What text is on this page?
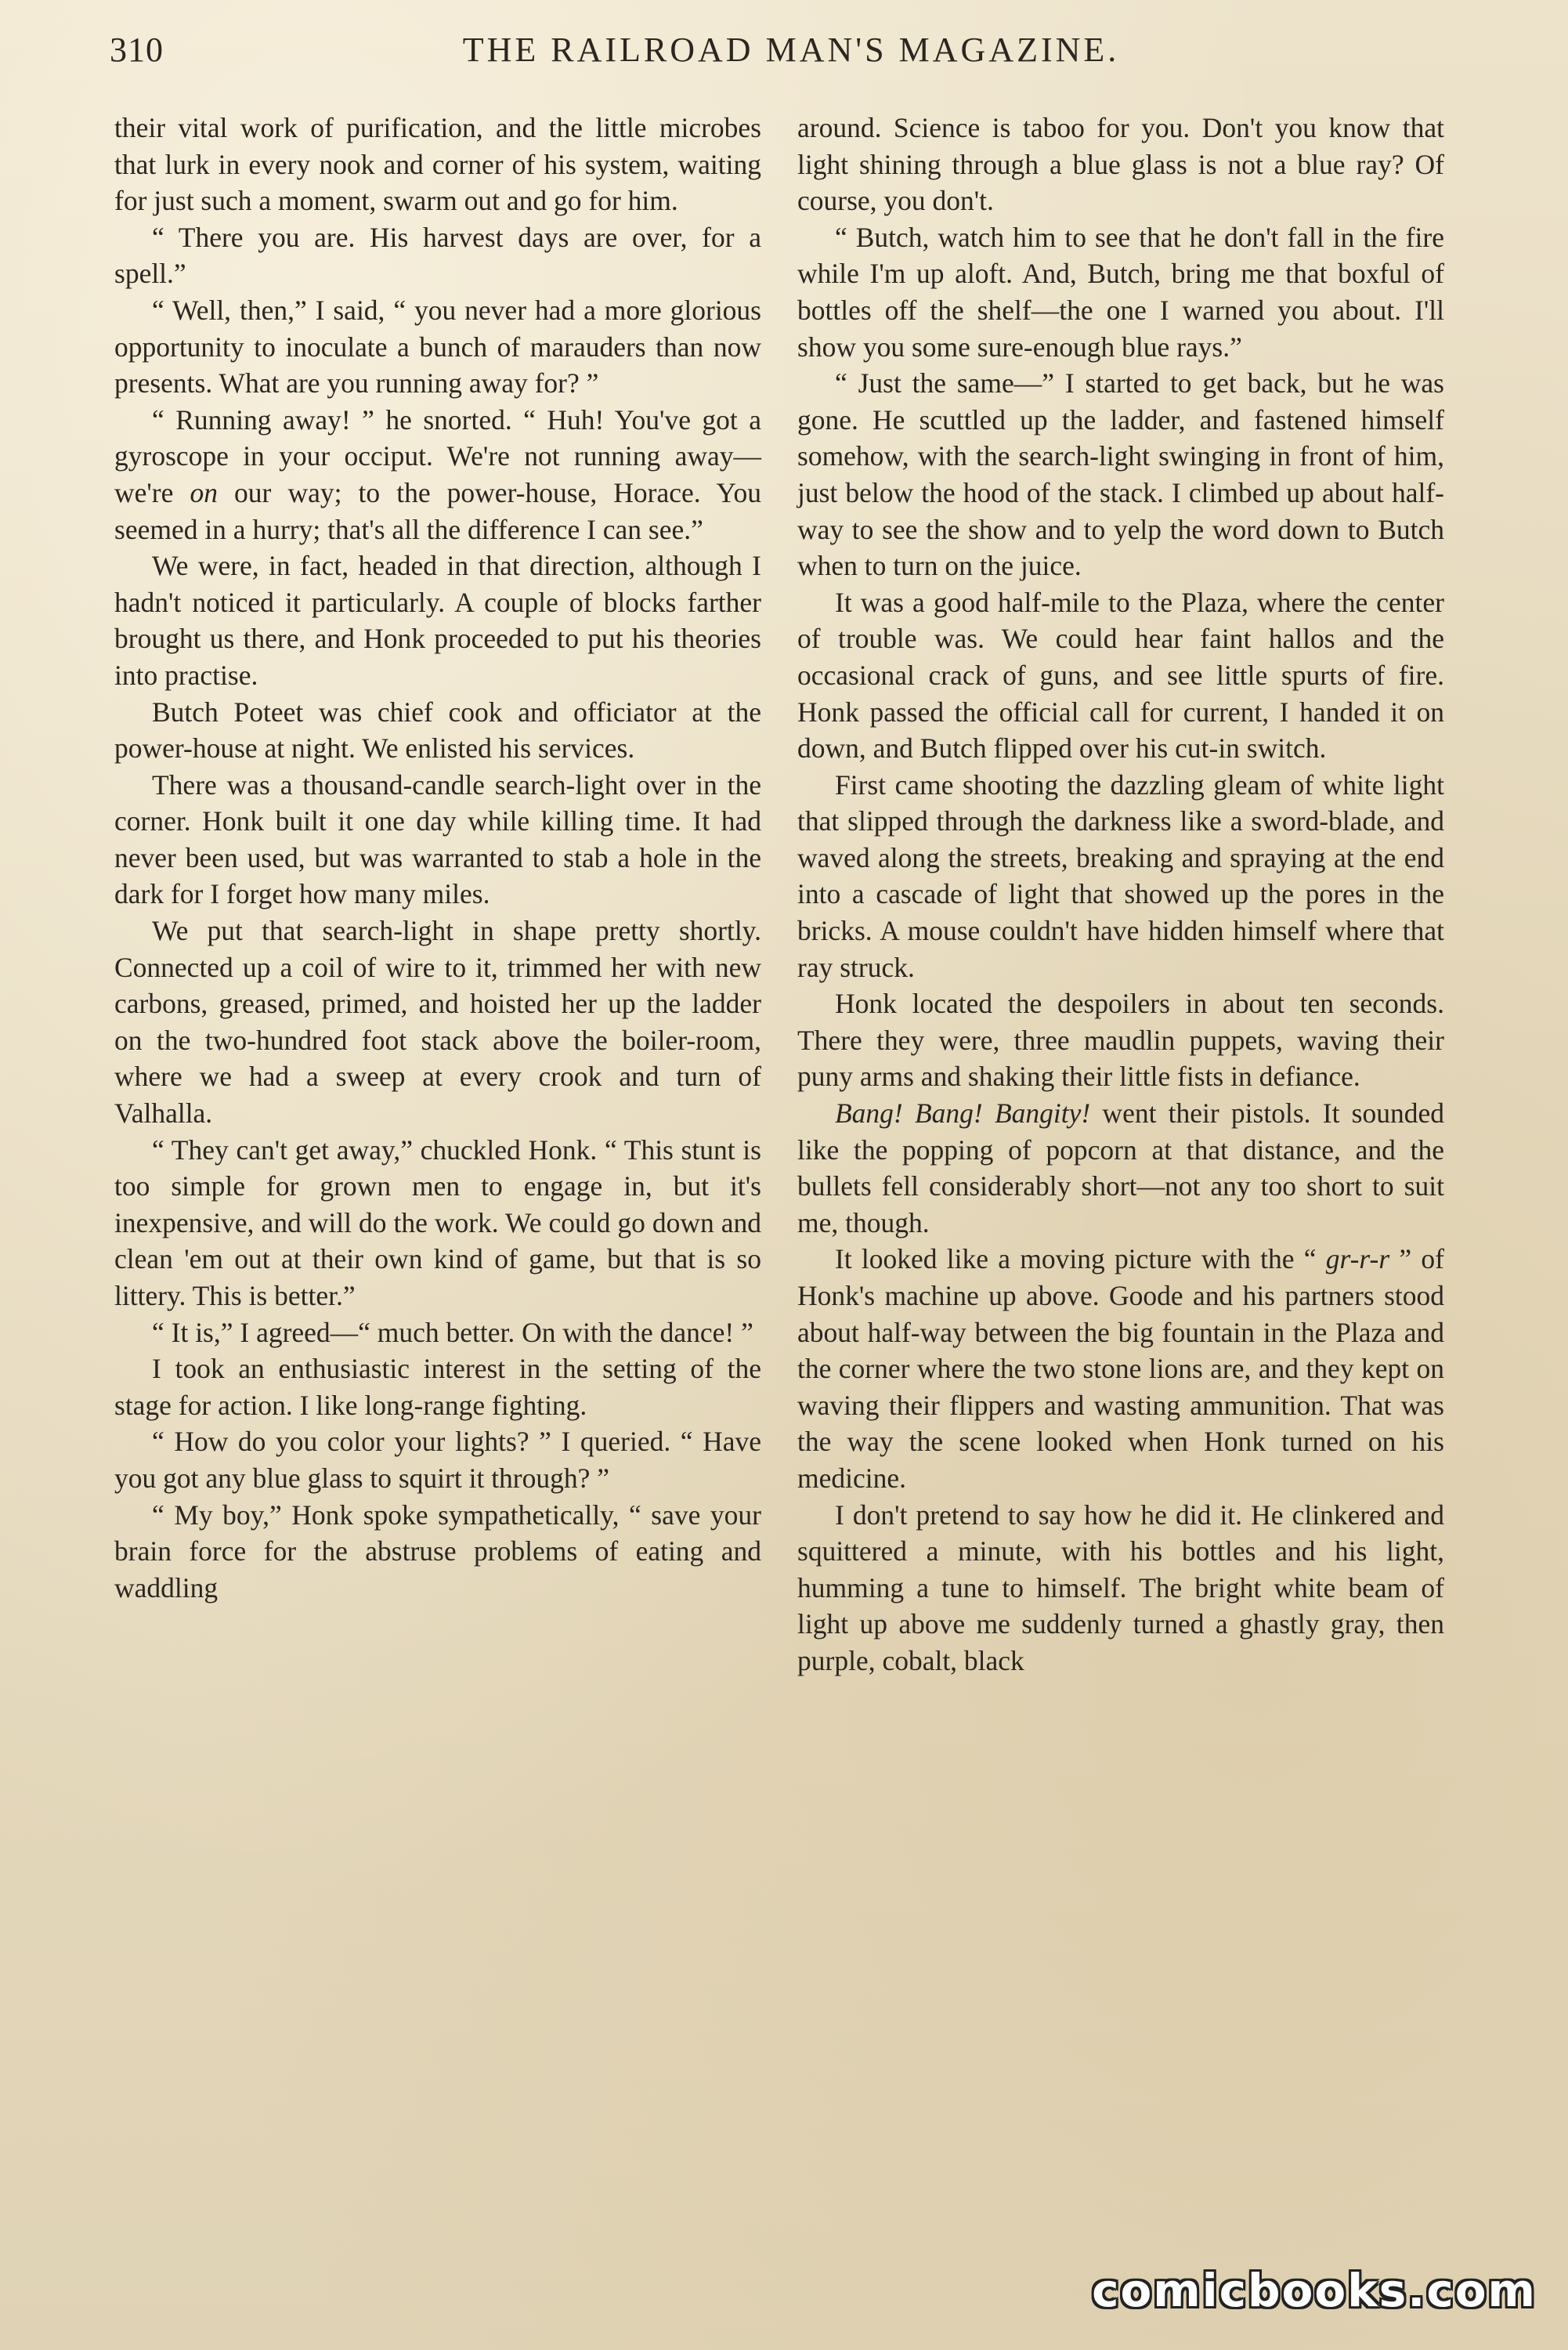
310	THE RAILROAD MAN'S MAGAZINE.

their vital work of purification, and the little microbes that lurk in every nook and corner of his system, waiting for just such a moment, swarm out and go for him.

“ There you are. His harvest days are over, for a spell.”

“ Well, then,” I said, “ you never had a more glorious opportunity to inoculate a bunch of marauders than now presents. What are you running away for? ”

“ Running away! ” he snorted. “ Huh! You've got a gyroscope in your occiput. We're not running away—we're on our way; to the power-house, Horace. You seemed in a hurry; that's all the difference I can see.”

We were, in fact, headed in that direction, although I hadn't noticed it particularly. A couple of blocks farther brought us there, and Honk proceeded to put his theories into practise.

Butch Poteet was chief cook and officiator at the power-house at night. We enlisted his services.

There was a thousand-candle search-light over in the corner. Honk built it one day while killing time. It had never been used, but was warranted to stab a hole in the dark for I forget how many miles.

We put that search-light in shape pretty shortly. Connected up a coil of wire to it, trimmed her with new carbons, greased, primed, and hoisted her up the ladder on the two-hundred foot stack above the boiler-room, where we had a sweep at every crook and turn of Valhalla.

“ They can't get away,” chuckled Honk. “ This stunt is too simple for grown men to engage in, but it's inexpensive, and will do the work. We could go down and clean 'em out at their own kind of game, but that is so littery. This is better.”

“ It is,” I agreed—“ much better. On with the dance! ”

I took an enthusiastic interest in the setting of the stage for action. I like long-range fighting.

“ How do you color your lights? ” I queried. “ Have you got any blue glass to squirt it through? ”

“ My boy,” Honk spoke sympathetically, “ save your brain force for the abstruse problems of eating and waddling

around. Science is taboo for you. Don't you know that light shining through a blue glass is not a blue ray? Of course, you don't.

“ Butch, watch him to see that he don't fall in the fire while I'm up aloft. And, Butch, bring me that boxful of bottles off the shelf—the one I warned you about. I'll show you some sure-enough blue rays.”

“ Just the same—” I started to get back, but he was gone. He scuttled up the ladder, and fastened himself somehow, with the search-light swinging in front of him, just below the hood of the stack. I climbed up about half-way to see the show and to yelp the word down to Butch when to turn on the juice.

It was a good half-mile to the Plaza, where the center of trouble was. We could hear faint hallos and the occasional crack of guns, and see little spurts of fire. Honk passed the official call for current, I handed it on down, and Butch flipped over his cut-in switch.

First came shooting the dazzling gleam of white light that slipped through the darkness like a sword-blade, and waved along the streets, breaking and spraying at the end into a cascade of light that showed up the pores in the bricks. A mouse couldn't have hidden himself where that ray struck.

Honk located the despoilers in about ten seconds. There they were, three maudlin puppets, waving their puny arms and shaking their little fists in defiance.

Bang! Bang! Bangity! went their pistols. It sounded like the popping of popcorn at that distance, and the bullets fell considerably short—not any too short to suit me, though.

It looked like a moving picture with the “ gr-r-r ” of Honk's machine up above. Goode and his partners stood about half-way between the big fountain in the Plaza and the corner where the two stone lions are, and they kept on waving their flippers and wasting ammunition. That was the way the scene looked when Honk turned on his medicine.

I don't pretend to say how he did it. He clinkered and squittered a minute, with his bottles and his light, humming a tune to himself. The bright white beam of light up above me suddenly turned a ghastly gray, then purple, cobalt, black

comicbooks.com
